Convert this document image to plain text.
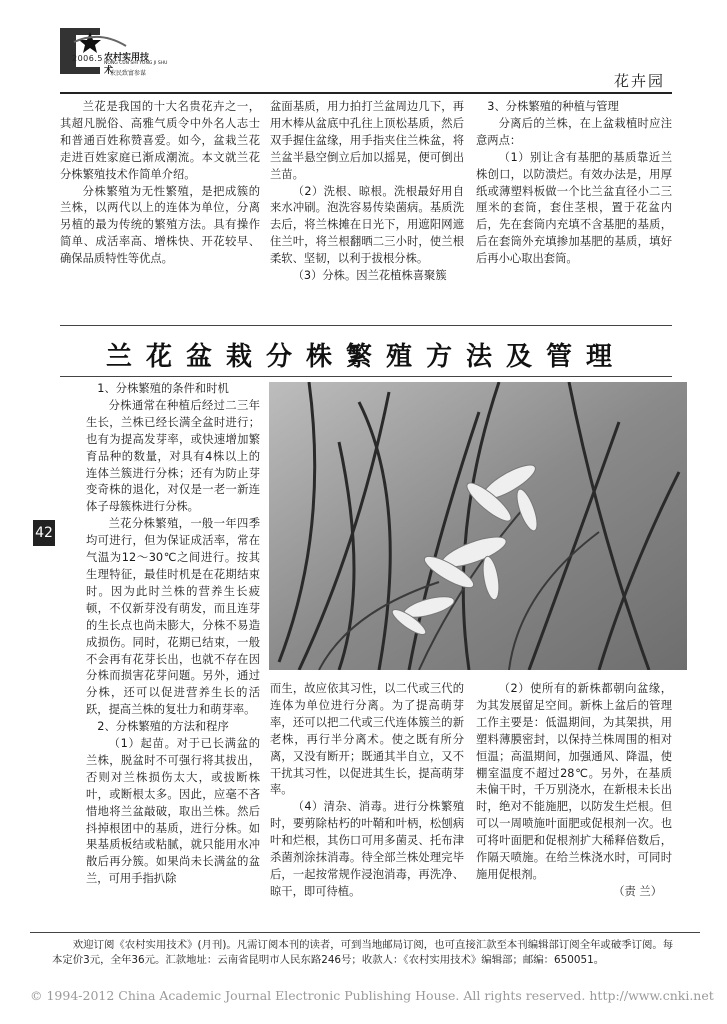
2006.5 农村实用技术
NONG CUN SHI YONG JI SHU
农民致富参谋	花卉园

兰花是我国的十大名贵花卉之一，其超凡脱俗、高雅气质令中外名人志士和普通百姓称赞喜爱。如今，盆栽兰花走进百姓家庭已渐成潮流。本文就兰花分株繁殖技术作简单介绍。

分株繁殖为无性繁殖，是把成簇的兰株，以两代以上的连体为单位，分离另植的最为传统的繁殖方法。具有操作简单、成活率高、增株快、开花较早、确保品质特性等优点。

盆面基质，用力拍打兰盆周边几下，再用木棒从盆底中孔往上顶松基质，然后双手握住盆缘，用手指夹住兰株盆，将兰盆半悬空倒立后加以摇晃，便可倒出兰苗。

（2）洗根、晾根。洗根最好用自来水冲刷。泡洗容易传染菌病。基质洗去后，将兰株摊在日光下，用遮阳网遮住兰叶，将兰根翻晒二三小时，使兰根柔软、坚韧，以利于拔根分株。

（3）分株。因兰花植株喜聚簇

3、分株繁殖的种植与管理

分离后的兰株，在上盆栽植时应注意两点：

（1）别让含有基肥的基质靠近兰株创口，以防溃烂。有效办法是，用厚纸或薄塑料板做一个比兰盆直径小二三厘米的套筒，套住茎根，置于花盆内后，先在套筒内充填不含基肥的基质，后在套筒外充填掺加基肥的基质，填好后再小心取出套筒。

兰花盆栽分株繁殖方法及管理
42

1、分株繁殖的条件和时机

分株通常在种植后经过二三年生长，兰株已经长满全盆时进行；也有为提高发芽率，或快速增加繁育品种的数量，对具有4株以上的连体兰簇进行分株；还有为防止芽变奇株的退化，对仅是一老一新连体子母簇株进行分株。

兰花分株繁殖，一般一年四季均可进行，但为保证成活率，常在气温为12～30℃之间进行。按其生理特征，最佳时机是在花期结束时。因为此时兰株的营养生长疲顿，不仅新芽没有萌发，而且连芽的生长点也尚未膨大，分株不易造成损伤。同时，花期已结束，一般不会再有花芽长出，也就不存在因分株而损害花芽问题。另外，通过分株，还可以促进营养生长的活跃，提高兰株的复壮力和萌芽率。

2、分株繁殖的方法和程序

（1）起苗。对于已长满盆的兰株，脱盆时不可强行将其拔出，否则对兰株损伤太大，或拔断株叶，或断根太多。因此，应毫不吝惜地将兰盆敲破，取出兰株。然后抖掉根团中的基质，进行分株。如果基质板结或粘腻，就只能用水冲散后再分簇。如果尚未长满盆的盆兰，可用手指扒除

而生，故应依其习性，以二代或三代的连体为单位进行分离。为了提高萌芽率，还可以把二代或三代连体簇兰的新老株，再行半分离术。使之既有所分离，又没有断开；既通其半自立，又不干扰其习性，以促进其生长，提高萌芽率。

（4）清杂、消毒。进行分株繁殖时，要剪除枯朽的叶鞘和叶柄，松刨病叶和烂根，其伤口可用多菌灵、托布津杀菌剂涂抹消毒。待全部兰株处理完毕后，一起按常规作浸泡消毒，再洗净、晾干，即可待植。

（2）使所有的新株都朝向盆缘，为其发展留足空间。新株上盆后的管理工作主要是：低温期间，为其架拱，用塑料薄膜密封，以保持兰株周围的相对恒温；高温期间，加强通风、降温，使棚室温度不超过28℃。另外，在基质未偏干时，千万别浇水，在新根未长出时，绝对不能施肥，以防发生烂根。但可以一周喷施叶面肥或促根剂一次。也可将叶面肥和促根剂扩大稀释倍数后，作隔天喷施。在给兰株浇水时，可同时施用促根剂。

（责 兰）
欢迎订阅《农村实用技术》(月刊)。凡需订阅本刊的读者，可到当地邮局订阅，也可直接汇款至本刊编辑部订阅全年或破季订阅。每本定价3元，全年36元。汇款地址：云南省昆明市人民东路246号；收款人：《农村实用技术》编辑部；邮编：650051。
© 1994-2012 China Academic Journal Electronic Publishing House. All rights reserved. http://www.cnki.net
